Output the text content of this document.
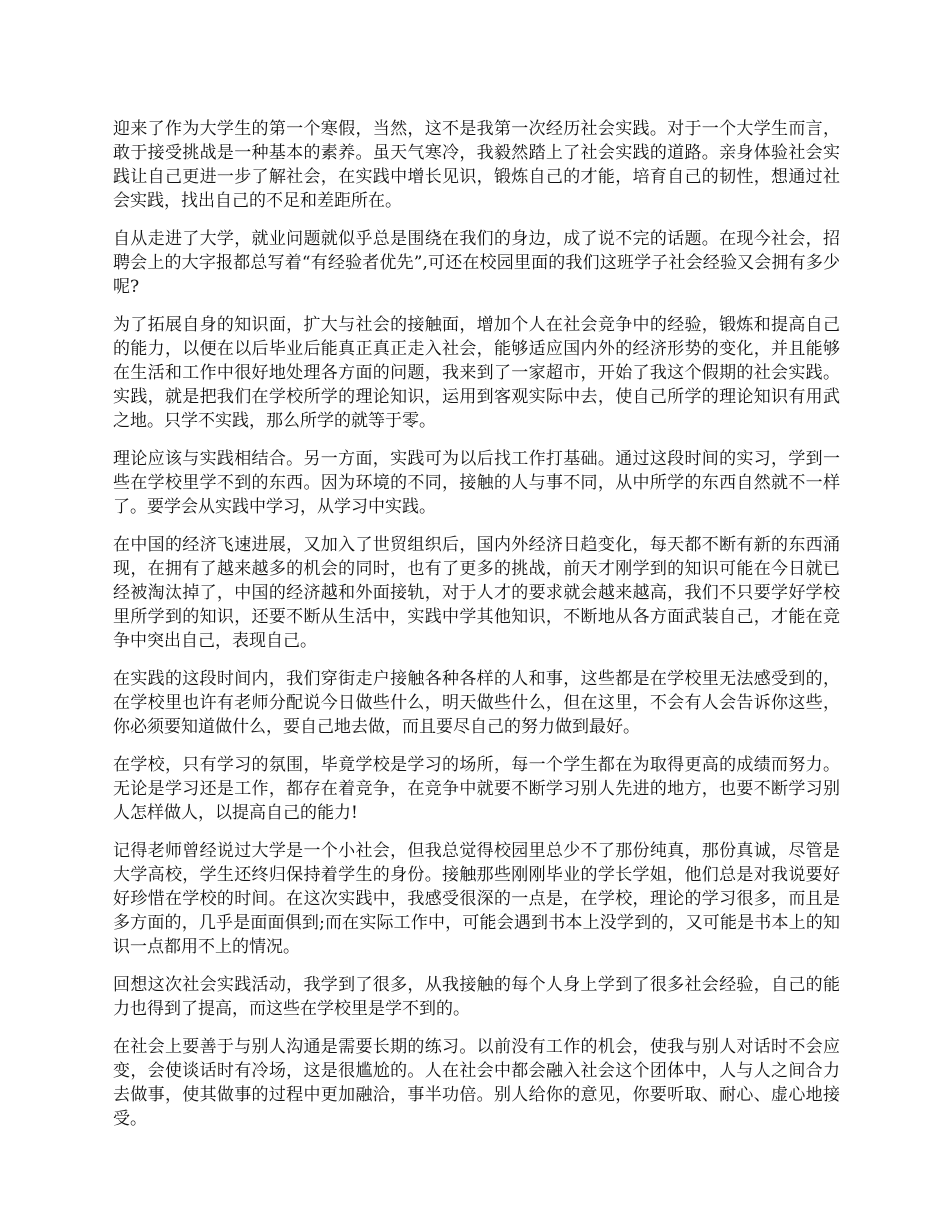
迎来了作为大学生的第一个寒假，当然，这不是我第一次经历社会实践。对于一个大学生而言，敢于接受挑战是一种基本的素养。虽天气寒冷，我毅然踏上了社会实践的道路。亲身体验社会实践让自己更进一步了解社会，在实践中增长见识，锻炼自己的才能，培育自己的韧性，想通过社会实践，找出自己的不足和差距所在。

自从走进了大学，就业问题就似乎总是围绕在我们的身边，成了说不完的话题。在现今社会，招聘会上的大字报都总写着“有经验者优先”,可还在校园里面的我们这班学子社会经验又会拥有多少呢?

为了拓展自身的知识面，扩大与社会的接触面，增加个人在社会竞争中的经验，锻炼和提高自己的能力，以便在以后毕业后能真正真正走入社会，能够适应国内外的经济形势的变化，并且能够在生活和工作中很好地处理各方面的问题，我来到了一家超市，开始了我这个假期的社会实践。实践，就是把我们在学校所学的理论知识，运用到客观实际中去，使自己所学的理论知识有用武之地。只学不实践，那么所学的就等于零。

理论应该与实践相结合。另一方面，实践可为以后找工作打基础。通过这段时间的实习，学到一些在学校里学不到的东西。因为环境的不同，接触的人与事不同，从中所学的东西自然就不一样了。要学会从实践中学习，从学习中实践。

在中国的经济飞速进展，又加入了世贸组织后，国内外经济日趋变化，每天都不断有新的东西涌现，在拥有了越来越多的机会的同时，也有了更多的挑战，前天才刚学到的知识可能在今日就已经被淘汰掉了，中国的经济越和外面接轨，对于人才的要求就会越来越高，我们不只要学好学校里所学到的知识，还要不断从生活中，实践中学其他知识，不断地从各方面武装自己，才能在竞争中突出自己，表现自己。

在实践的这段时间内，我们穿街走户接触各种各样的人和事，这些都是在学校里无法感受到的，在学校里也许有老师分配说今日做些什么，明天做些什么，但在这里，不会有人会告诉你这些，你必须要知道做什么，要自己地去做，而且要尽自己的努力做到最好。

在学校，只有学习的氛围，毕竟学校是学习的场所，每一个学生都在为取得更高的成绩而努力。无论是学习还是工作，都存在着竞争，在竞争中就要不断学习别人先进的地方，也要不断学习别人怎样做人，以提高自己的能力!

记得老师曾经说过大学是一个小社会，但我总觉得校园里总少不了那份纯真，那份真诚，尽管是大学高校，学生还终归保持着学生的身份。接触那些刚刚毕业的学长学姐，他们总是对我说要好好珍惜在学校的时间。在这次实践中，我感受很深的一点是，在学校，理论的学习很多，而且是多方面的，几乎是面面俱到;而在实际工作中，可能会遇到书本上没学到的，又可能是书本上的知识一点都用不上的情况。

回想这次社会实践活动，我学到了很多，从我接触的每个人身上学到了很多社会经验，自己的能力也得到了提高，而这些在学校里是学不到的。

在社会上要善于与别人沟通是需要长期的练习。以前没有工作的机会，使我与别人对话时不会应变，会使谈话时有冷场，这是很尴尬的。人在社会中都会融入社会这个团体中，人与人之间合力去做事，使其做事的过程中更加融洽，事半功倍。别人给你的意见，你要听取、耐心、虚心地接受。
